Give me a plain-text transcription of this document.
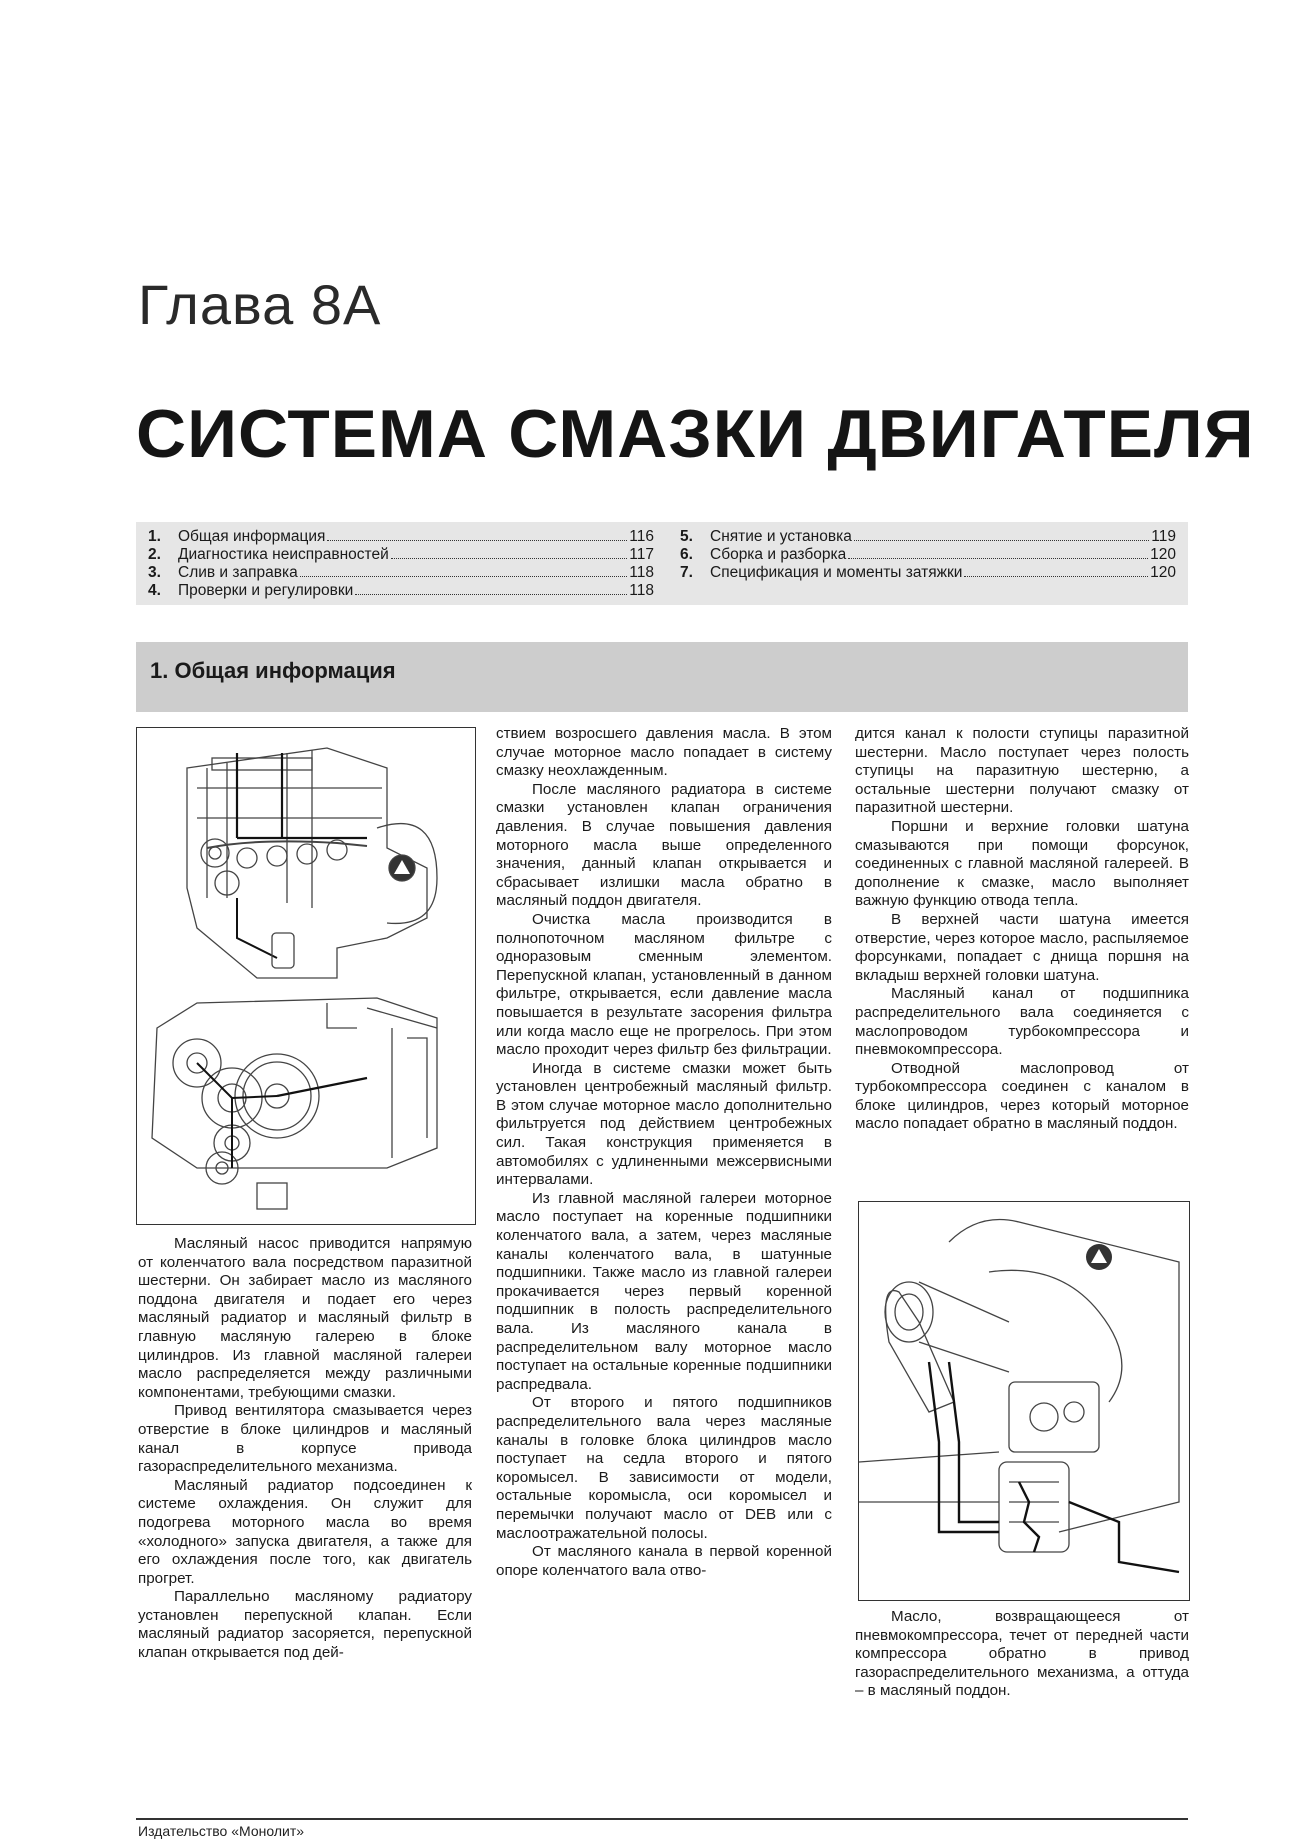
Глава 8А
СИСТЕМА СМАЗКИ ДВИГАТЕЛЯ
1.	Общая информация	116
2.	Диагностика неисправностей	117
3.	Слив и заправка	118
4.	Проверки и регулировки	118
5.	Снятие и установка	119
6.	Сборка и разборка	120
7.	Спецификация и моменты затяжки	120
1. Общая информация

Масляный насос приводится напрямую от коленчатого вала посредством паразитной шестерни. Он забирает масло из масляного поддона двигателя и подает его через масляный радиатор и масляный фильтр в главную масляную галерею в блоке цилиндров. Из главной масляной галереи масло распределяется между различными компонентами, требующими смазки.

Привод вентилятора смазывается через отверстие в блоке цилиндров и масляный канал в корпусе привода газораспределительного механизма.

Масляный радиатор подсоединен к системе охлаждения. Он служит для подогрева моторного масла во время «холодного» запуска двигателя, а также для его охлаждения после того, как двигатель прогрет.

Параллельно масляному радиатору установлен перепускной клапан. Если масляный радиатор засоряется, перепускной клапан открывается под дей-

ствием возросшего давления масла. В этом случае моторное масло попадает в систему смазку неохлажденным.

После масляного радиатора в системе смазки установлен клапан ограничения давления. В случае повышения давления моторного масла выше определенного значения, данный клапан открывается и сбрасывает излишки масла обратно в масляный поддон двигателя.

Очистка масла производится в полнопоточном масляном фильтре с одноразовым сменным элементом. Перепускной клапан, установленный в данном фильтре, открывается, если давление масла повышается в результате засорения фильтра или когда масло еще не прогрелось. При этом масло проходит через фильтр без фильтрации.

Иногда в системе смазки может быть установлен центробежный масляный фильтр. В этом случае моторное масло дополнительно фильтруется под действием центробежных сил. Такая конструкция применяется в автомобилях с удлиненными межсервисными интервалами.

Из главной масляной галереи моторное масло поступает на коренные подшипники коленчатого вала, а затем, через масляные каналы коленчатого вала, в шатунные подшипники. Также масло из главной галереи прокачивается через первый коренной подшипник в полость распределительного вала. Из масляного канала в распределительном валу моторное масло поступает на остальные коренные подшипники распредвала.

От второго и пятого подшипников распределительного вала через масляные каналы в головке блока цилиндров масло поступает на седла второго и пятого коромысел. В зависимости от модели, остальные коромысла, оси коромысел и перемычки получают масло от DEB или с маслоотражательной полосы.

От масляного канала в первой коренной опоре коленчатого вала отво-

дится канал к полости ступицы паразитной шестерни. Масло поступает через полость ступицы на паразитную шестерню, а остальные шестерни получают смазку от паразитной шестерни.

Поршни и верхние головки шатуна смазываются при помощи форсунок, соединенных с главной масляной галереей. В дополнение к смазке, масло выполняет важную функцию отвода тепла.

В верхней части шатуна имеется отверстие, через которое масло, распыляемое форсунками, попадает с днища поршня на вкладыш верхней головки шатуна.

Масляный канал от подшипника распределительного вала соединяется с маслопроводом турбокомпрессора и пневмокомпрессора.

Отводной маслопровод от турбокомпрессора соединен с каналом в блоке цилиндров, через который моторное масло попадает обратно в масляный поддон.

Масло, возвращающееся от пневмокомпрессора, течет от передней части компрессора обратно в привод газораспределительного механизма, а оттуда – в масляный поддон.

Издательство «Монолит»
